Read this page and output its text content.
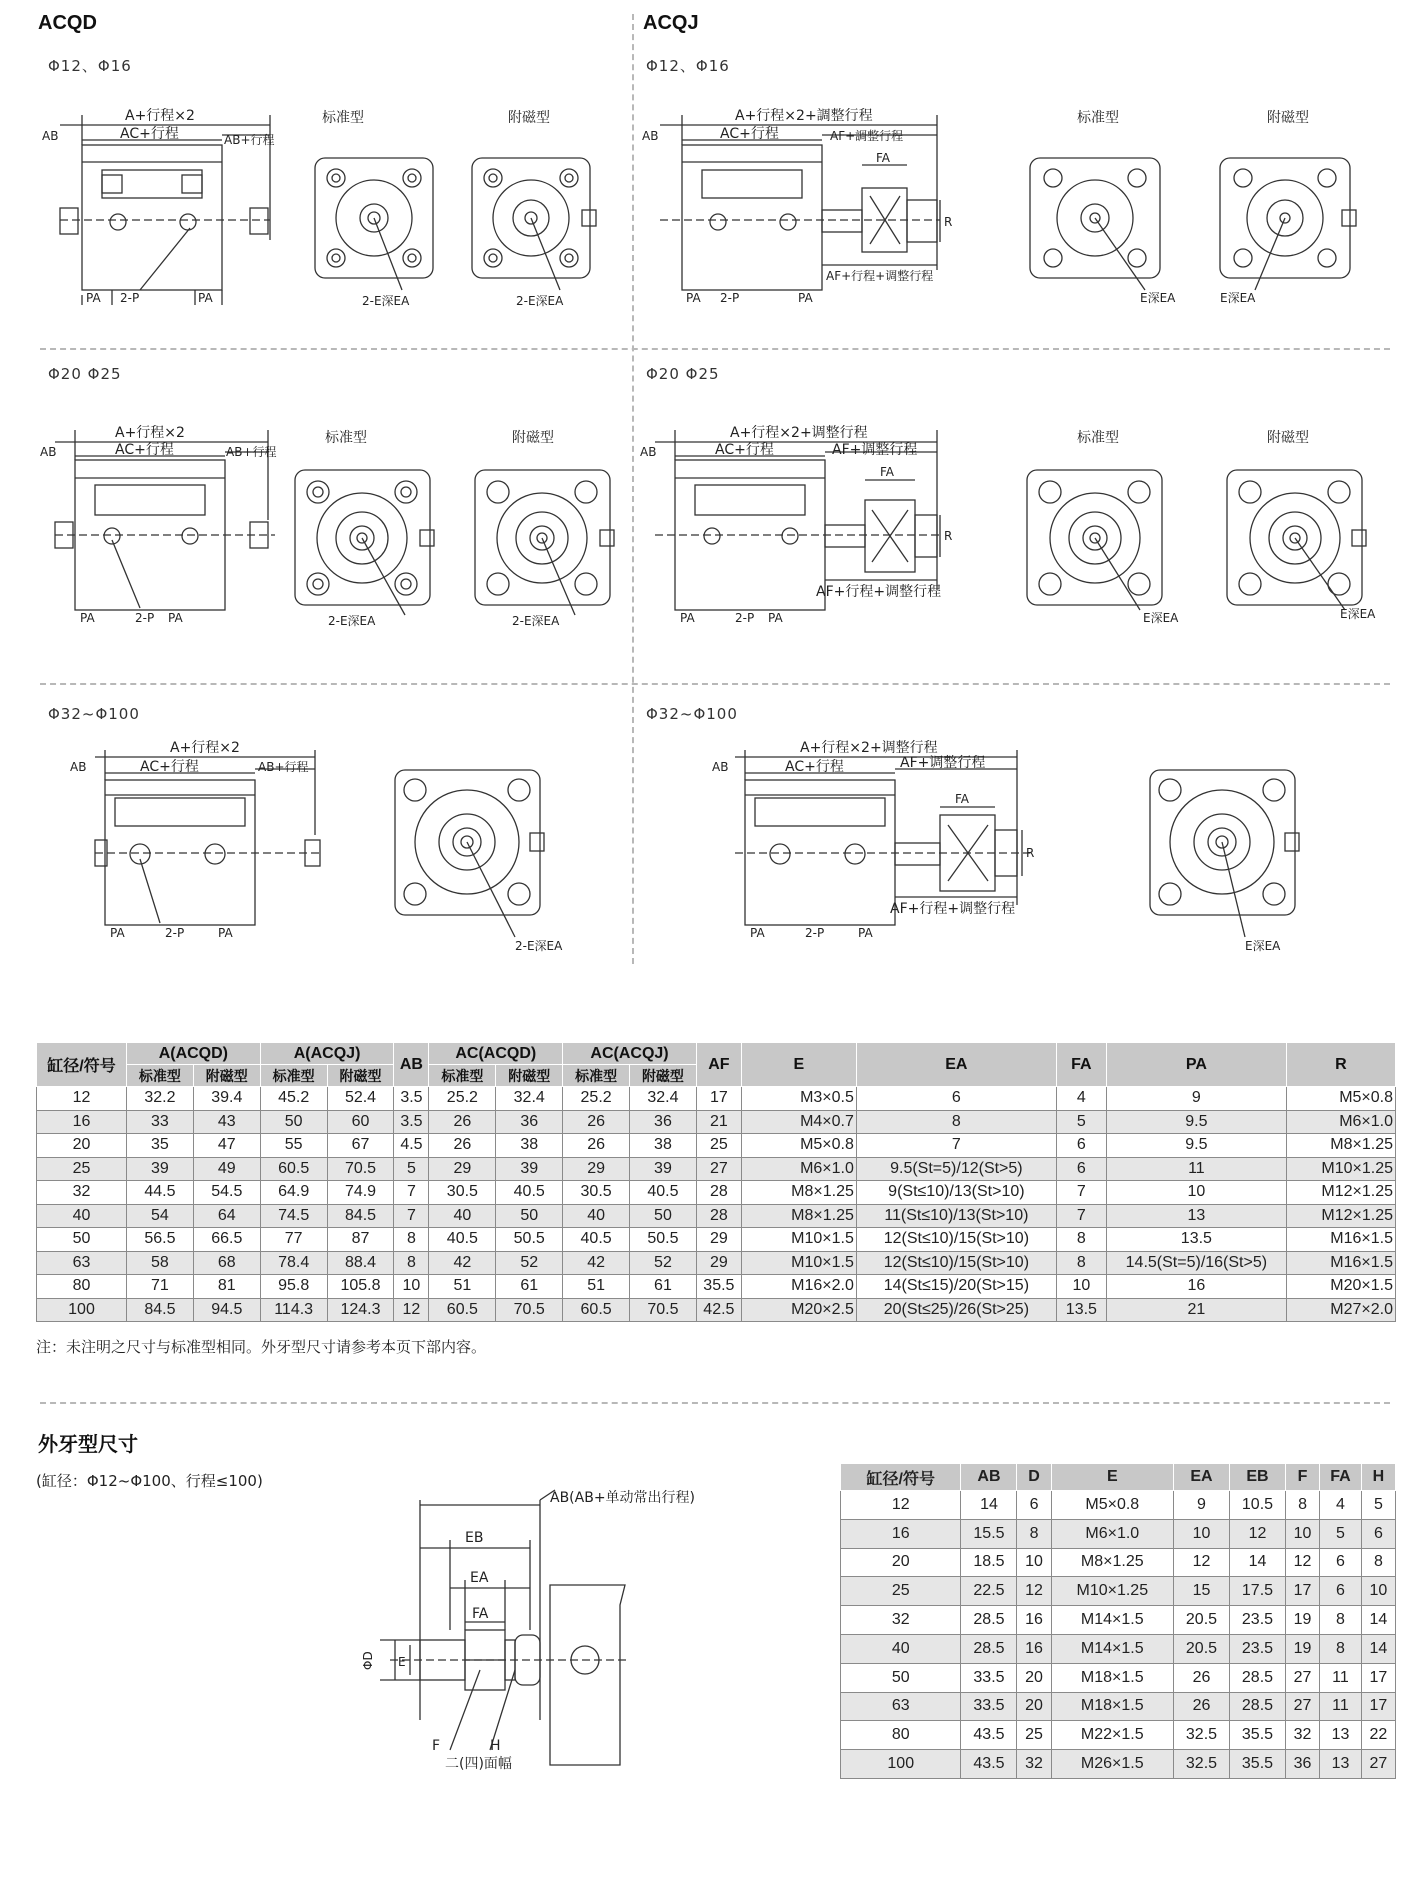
ACQD	ACQJ
Φ12、Φ16	Φ12、Φ16
Φ20 Φ25	Φ20 Φ25
Φ32~Φ100	Φ32~Φ100
A+行程×2
AB	AC+行程	AB+行程
PA 2-P	PA
标准型	附磁型
2-E深EA	2-E深EA
A+行程×2+調整行程
AB	AC+行程	AF+調整行程
FA
R
AF+行程+调整行程
PA 2-P	PA
标准型	附磁型
E深EA	E深EA
A+行程×2
AB	AC+行程	AB+行程
PA	2-P PA
标准型	附磁型
2-E深EA	2-E深EA
A+行程×2+调整行程
AB	AC+行程	AF+调整行程
FA
R
AF+行程+调整行程
PA	2-P PA
标准型	附磁型
E深EA	E深EA
A+行程×2
AB	AC+行程	AB+行程
PA	2-P	PA
2-E深EA
A+行程×2+调整行程
AB	AC+行程	AF+调整行程
FA
R
AF+行程+调整行程
PA	2-P	PA
E深EA
缸径/符号	A(ACQD)		A(ACQJ)		AB	AC(ACQD)		AC(ACQJ)		AF	E	EA	FA	PA	R
	标准型	附磁型	标准型	附磁型		标准型	附磁型	标准型	附磁型						
12	32.2	39.4	45.2	52.4	3.5	25.2	32.4	25.2	32.4	17	M3×0.5	6	4	9	M5×0.8
16	33	43	50	60	3.5	26	36	26	36	21	M4×0.7	8	5	9.5	M6×1.0
20	35	47	55	67	4.5	26	38	26	38	25	M5×0.8	7	6	9.5	M8×1.25
25	39	49	60.5	70.5	5	29	39	29	39	27	M6×1.0	9.5(St=5)/12(St>5)	6	11	M10×1.25
32	44.5	54.5	64.9	74.9	7	30.5	40.5	30.5	40.5	28	M8×1.25	9(St≤10)/13(St>10)	7	10	M12×1.25
40	54	64	74.5	84.5	7	40	50	40	50	28	M8×1.25	11(St≤10)/13(St>10)	7	13	M12×1.25
50	56.5	66.5	77	87	8	40.5	50.5	40.5	50.5	29	M10×1.5	12(St≤10)/15(St>10)	8	13.5	M16×1.5
63	58	68	78.4	88.4	8	42	52	42	52	29	M10×1.5	12(St≤10)/15(St>10)	8	14.5(St=5)/16(St>5)	M16×1.5
80	71	81	95.8	105.8	10	51	61	51	61	35.5	M16×2.0	14(St≤15)/20(St>15)	10	16	M20×1.5
100	84.5	94.5	114.3	124.3	12	60.5	70.5	60.5	70.5	42.5	M20×2.5	20(St≤25)/26(St>25)	13.5	21	M27×2.0
注：未注明之尺寸与标准型相同。外牙型尺寸请参考本页下部内容。
外牙型尺寸
(缸径：Φ12~Φ100、行程≤100)
AB(AB+单动常出行程)
EB
EA
FA
ΦD E
F	H
二(四)面幅
缸径/符号	AB	D	E	EA	EB	F	FA	H
12	14	6	M5×0.8	9	10.5	8	4	5
16	15.5	8	M6×1.0	10	12	10	5	6
20	18.5	10	M8×1.25	12	14	12	6	8
25	22.5	12	M10×1.25	15	17.5	17	6	10
32	28.5	16	M14×1.5	20.5	23.5	19	8	14
40	28.5	16	M14×1.5	20.5	23.5	19	8	14
50	33.5	20	M18×1.5	26	28.5	27	11	17
63	33.5	20	M18×1.5	26	28.5	27	11	17
80	43.5	25	M22×1.5	32.5	35.5	32	13	22
100	43.5	32	M26×1.5	32.5	35.5	36	13	27
